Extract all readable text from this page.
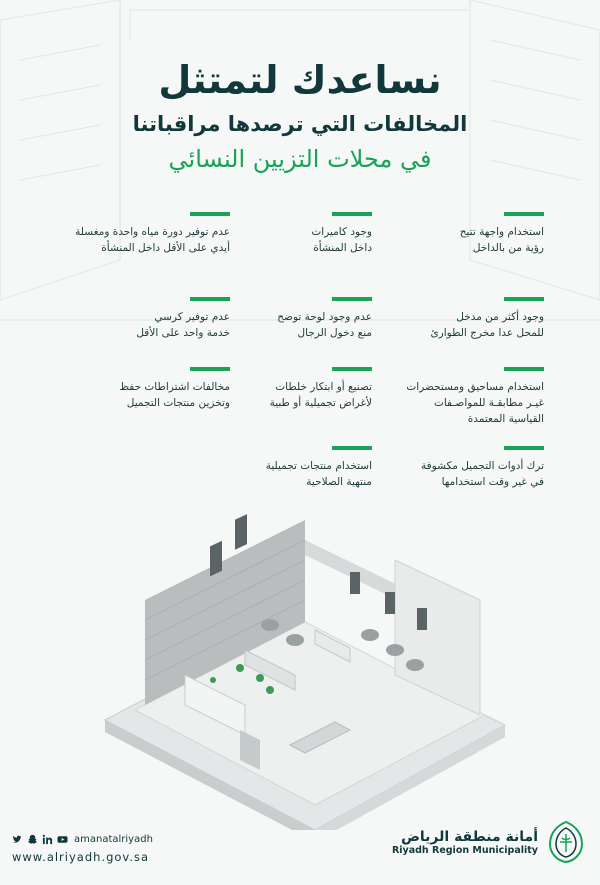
نساعدك لتمتثل
المخالفات التي ترصدها مراقباتنا
في محلات التزيين النسائي
استخدام واجهة تتيح
رؤية من بالداخل
وجود كاميرات
داخل المنشأة
عدم توفير دورة مياه واحدة ومغسلة
أيدي على الأقل داخل المنشأة
وجود أكثر من مدخل
للمحل عدا مخرج الطوارئ
عدم وجود لوحة توضح
منع دخول الرجال
عدم توفير كرسي
خدمة واحد على الأقل
استخدام مساحيق ومستحضرات
غيـر مطابقـة للمواصـفات
القياسية المعتمدة
تصنيع أو ابتكار خلطات
لأغراض تجميلية أو طبية
مخالفات اشتراطات حفظ
وتخزين منتجات التجميل
ترك أدوات التجميل مكشوفة
في غير وقت استخدامها
استخدام منتجات تجميلية
منتهية الصلاحية
amanatalriyadh
www.alriyadh.gov.sa
أمانة منطقة الرياض
Riyadh Region Municipality
